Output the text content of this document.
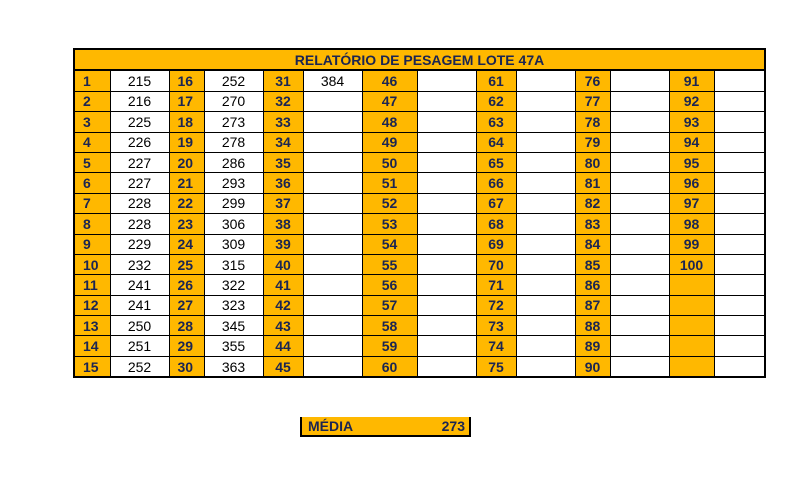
RELATÓRIO DE PESAGEM LOTE 47A													
1	215	16	252	31	384	46		61		76		91	
2	216	17	270	32		47		62		77		92	
3	225	18	273	33		48		63		78		93	
4	226	19	278	34		49		64		79		94	
5	227	20	286	35		50		65		80		95	
6	227	21	293	36		51		66		81		96	
7	228	22	299	37		52		67		82		97	
8	228	23	306	38		53		68		83		98	
9	229	24	309	39		54		69		84		99	
10	232	25	315	40		55		70		85		100	
11	241	26	322	41		56		71		86			
12	241	27	323	42		57		72		87			
13	250	28	345	43		58		73		88			
14	251	29	355	44		59		74		89			
15	252	30	363	45		60		75		90			
MÉDIA	273
